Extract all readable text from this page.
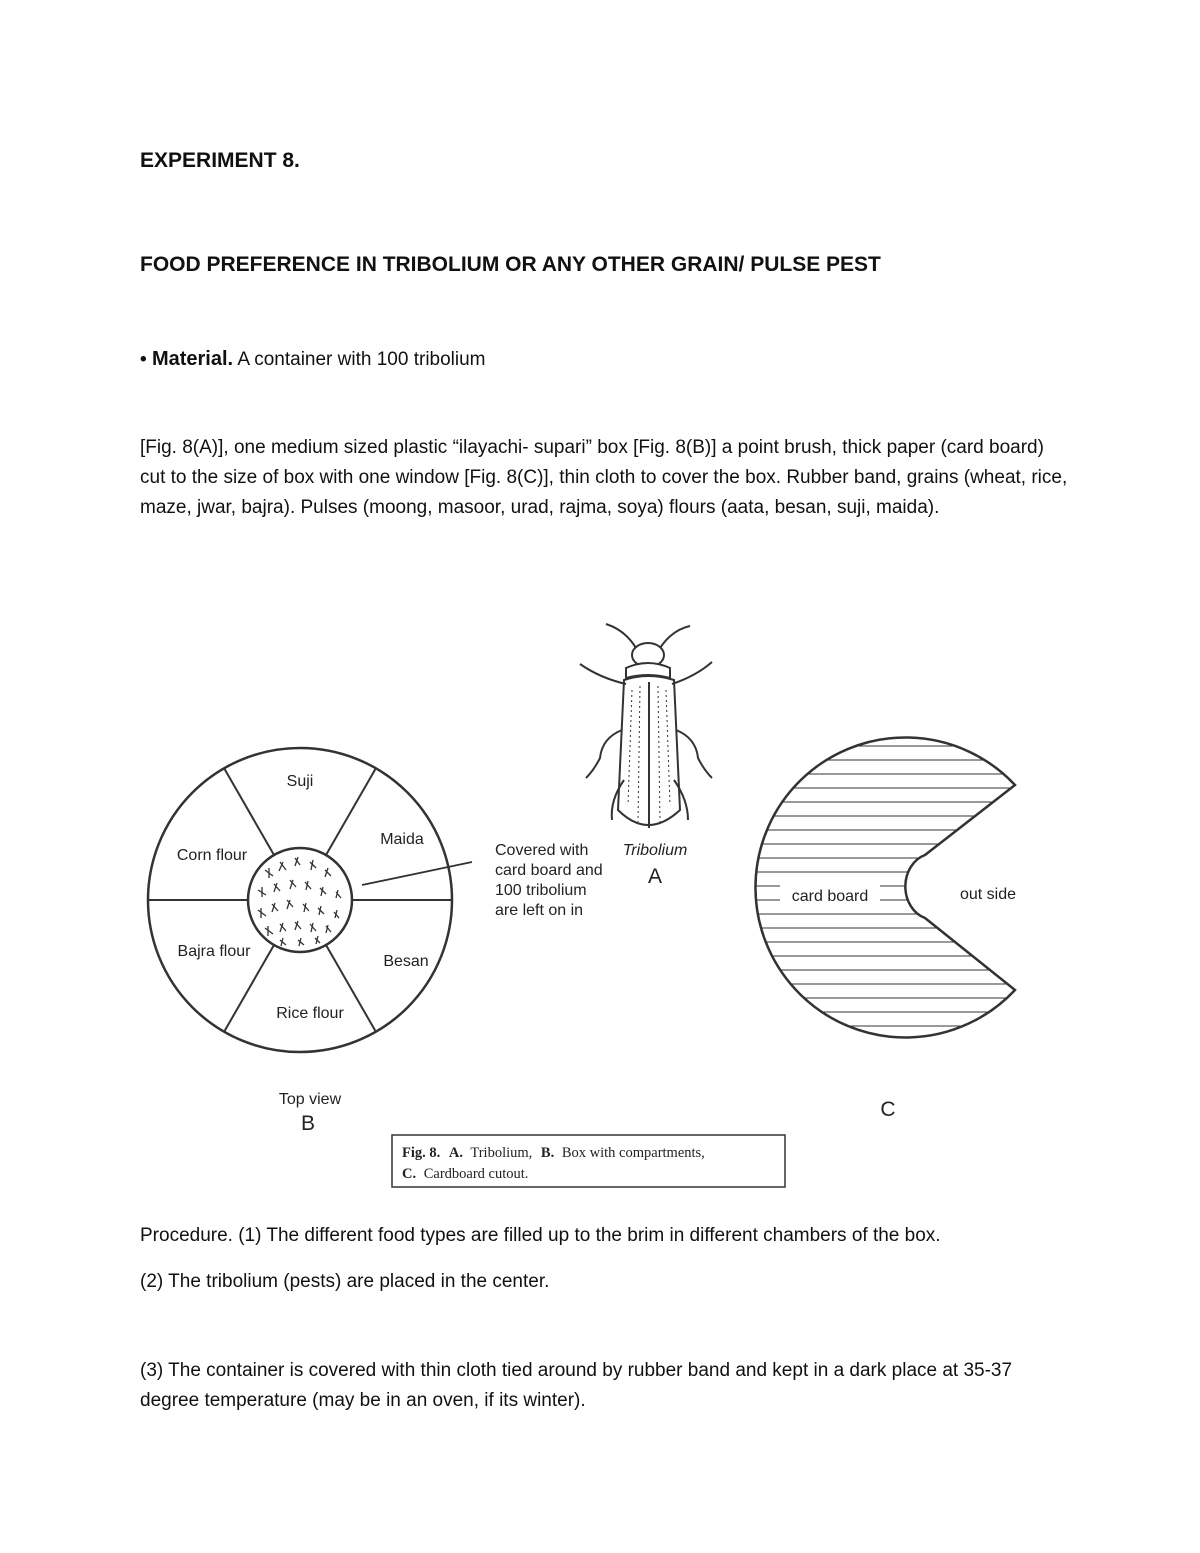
EXPERIMENT 8.

FOOD PREFERENCE IN TRIBOLIUM OR ANY OTHER GRAIN/ PULSE PEST

• Material. A container with 100 tribolium

[Fig. 8(A)], one medium sized plastic “ilayachi- supari” box [Fig. 8(B)] a point brush, thick paper (card board) cut to the size of box with one window [Fig. 8(C)], thin cloth to cover the box. Rubber band, grains (wheat, rice, maze, jwar, bajra). Pulses (moong, masoor, urad, rajma, soya) flours (aata, besan, suji, maida).

Suji
Maida
Corn flour
Bajra flour
Besan
Rice flour
Top view
B
Covered with
card board and
100 tribolium
are left on in
Tribolium
A
card board	out side
C
Fig. 8. A. Tribolium, B. Box with compartments,
C. Cardboard cutout.

Procedure. (1) The different food types are filled up to the brim in different chambers of the box.

(2) The tribolium (pests) are placed in the center.

(3) The container is covered with thin cloth tied around by rubber band and kept in a dark place at 35-37 degree temperature (may be in an oven, if its winter).
